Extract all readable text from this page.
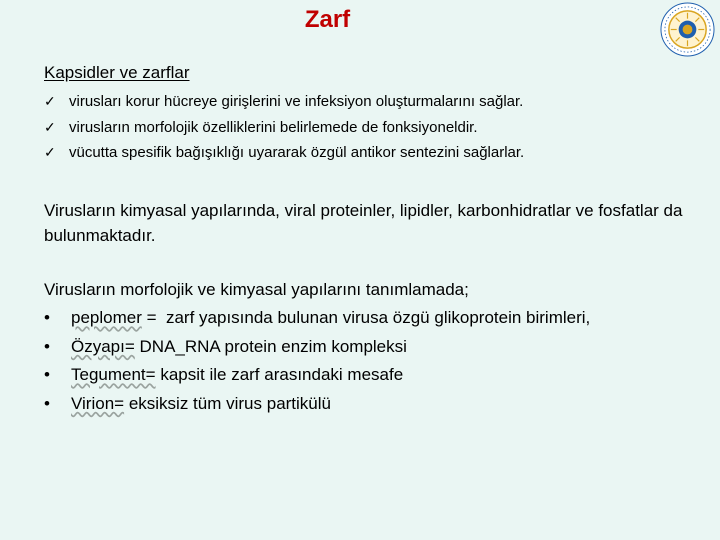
Zarf
Kapsidler ve zarflar
✓ virusları korur hücreye girişlerini ve infeksiyon oluşturmalarını sağlar.
✓ virusların morfolojik özelliklerini belirlemede de fonksiyoneldir.
✓ vücutta spesifik bağışıklığı uyararak özgül antikor sentezini sağlarlar.

Virusların kimyasal yapılarında, viral proteinler, lipidler, karbonhidratlar ve fosfatlar da bulunmaktadır.

Virusların morfolojik ve kimyasal yapılarını tanımlamada;

• peplomer =  zarf yapısında bulunan virusa özgü glikoprotein birimleri,
• Özyapı= DNA_RNA protein enzim kompleksi
• Tegument= kapsit ile zarf arasındaki mesafe
• Virion= eksiksiz tüm virus partikülü
